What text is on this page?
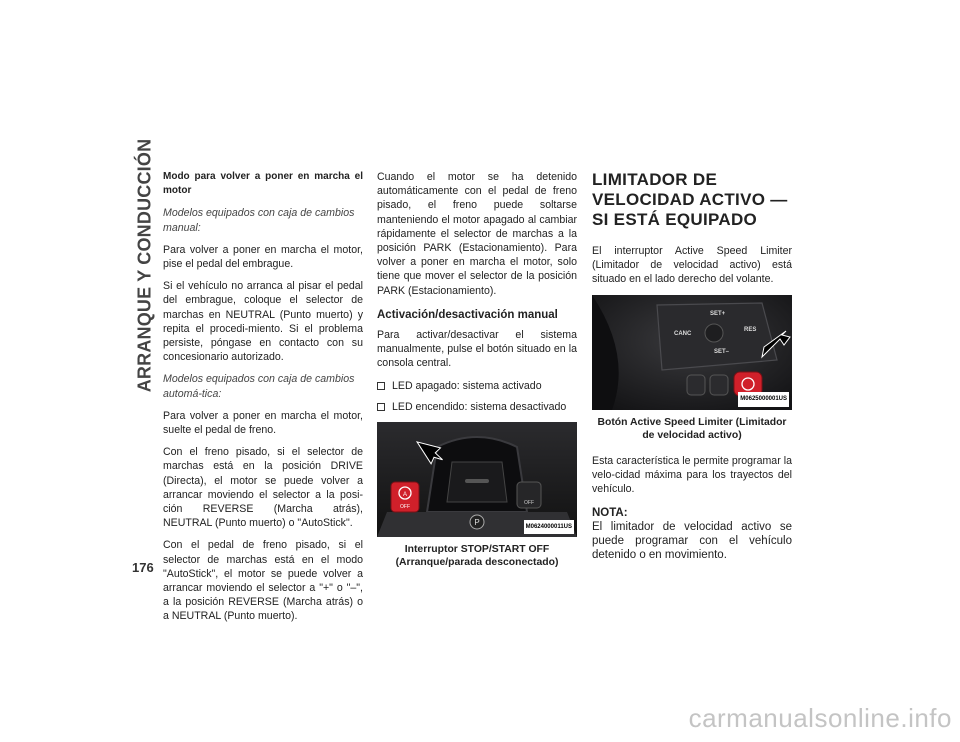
ARRANQUE Y CONDUCCIÓN
176

Modo para volver a poner en marcha el motor

Modelos equipados con caja de cambios manual:

Para volver a poner en marcha el motor, pise el pedal del embrague.

Si el vehículo no arranca al pisar el pedal del embrague, coloque el selector de marchas en NEUTRAL (Punto muerto) y repita el procedi-miento. Si el problema persiste, póngase en contacto con su concesionario autorizado.

Modelos equipados con caja de cambios automá-tica:

Para volver a poner en marcha el motor, suelte el pedal de freno.

Con el freno pisado, si el selector de marchas está en la posición DRIVE (Directa), el motor se puede volver a arrancar moviendo el selector a la posi-ción REVERSE (Marcha atrás), NEUTRAL (Punto muerto) o "AutoStick".

Con el pedal de freno pisado, si el selector de marchas está en el modo "AutoStick", el motor se puede volver a arrancar moviendo el selector a "+" o "–", a la posición REVERSE (Marcha atrás) o a NEUTRAL (Punto muerto).

Cuando el motor se ha detenido automáticamente con el pedal de freno pisado, el freno puede soltarse manteniendo el motor apagado al cambiar rápidamente el selector de marchas a la posición PARK (Estacionamiento). Para volver a poner en marcha el motor, solo tiene que mover el selector de la posición PARK (Estacionamiento).

Activación/desactivación manual

Para activar/desactivar el sistema manualmente, pulse el botón situado en la consola central.

LED apagado: sistema activado
LED encendido: sistema desactivado
A
OFF
P
OFF
M0624000011US
Interruptor STOP/START OFF (Arranque/parada desconectado)
LIMITADOR DE VELOCIDAD ACTIVO — SI ESTÁ EQUIPADO

El interruptor Active Speed Limiter (Limitador de velocidad activo) está situado en el lado derecho del volante.

SET+
CANC
RES
SET–
M0625000001US
Botón Active Speed Limiter (Limitador de velocidad activo)

Esta característica le permite programar la velo-cidad máxima para los trayectos del vehículo.

NOTA:

El limitador de velocidad activo se puede programar con el vehículo detenido o en movimiento.

carmanualsonline.info
